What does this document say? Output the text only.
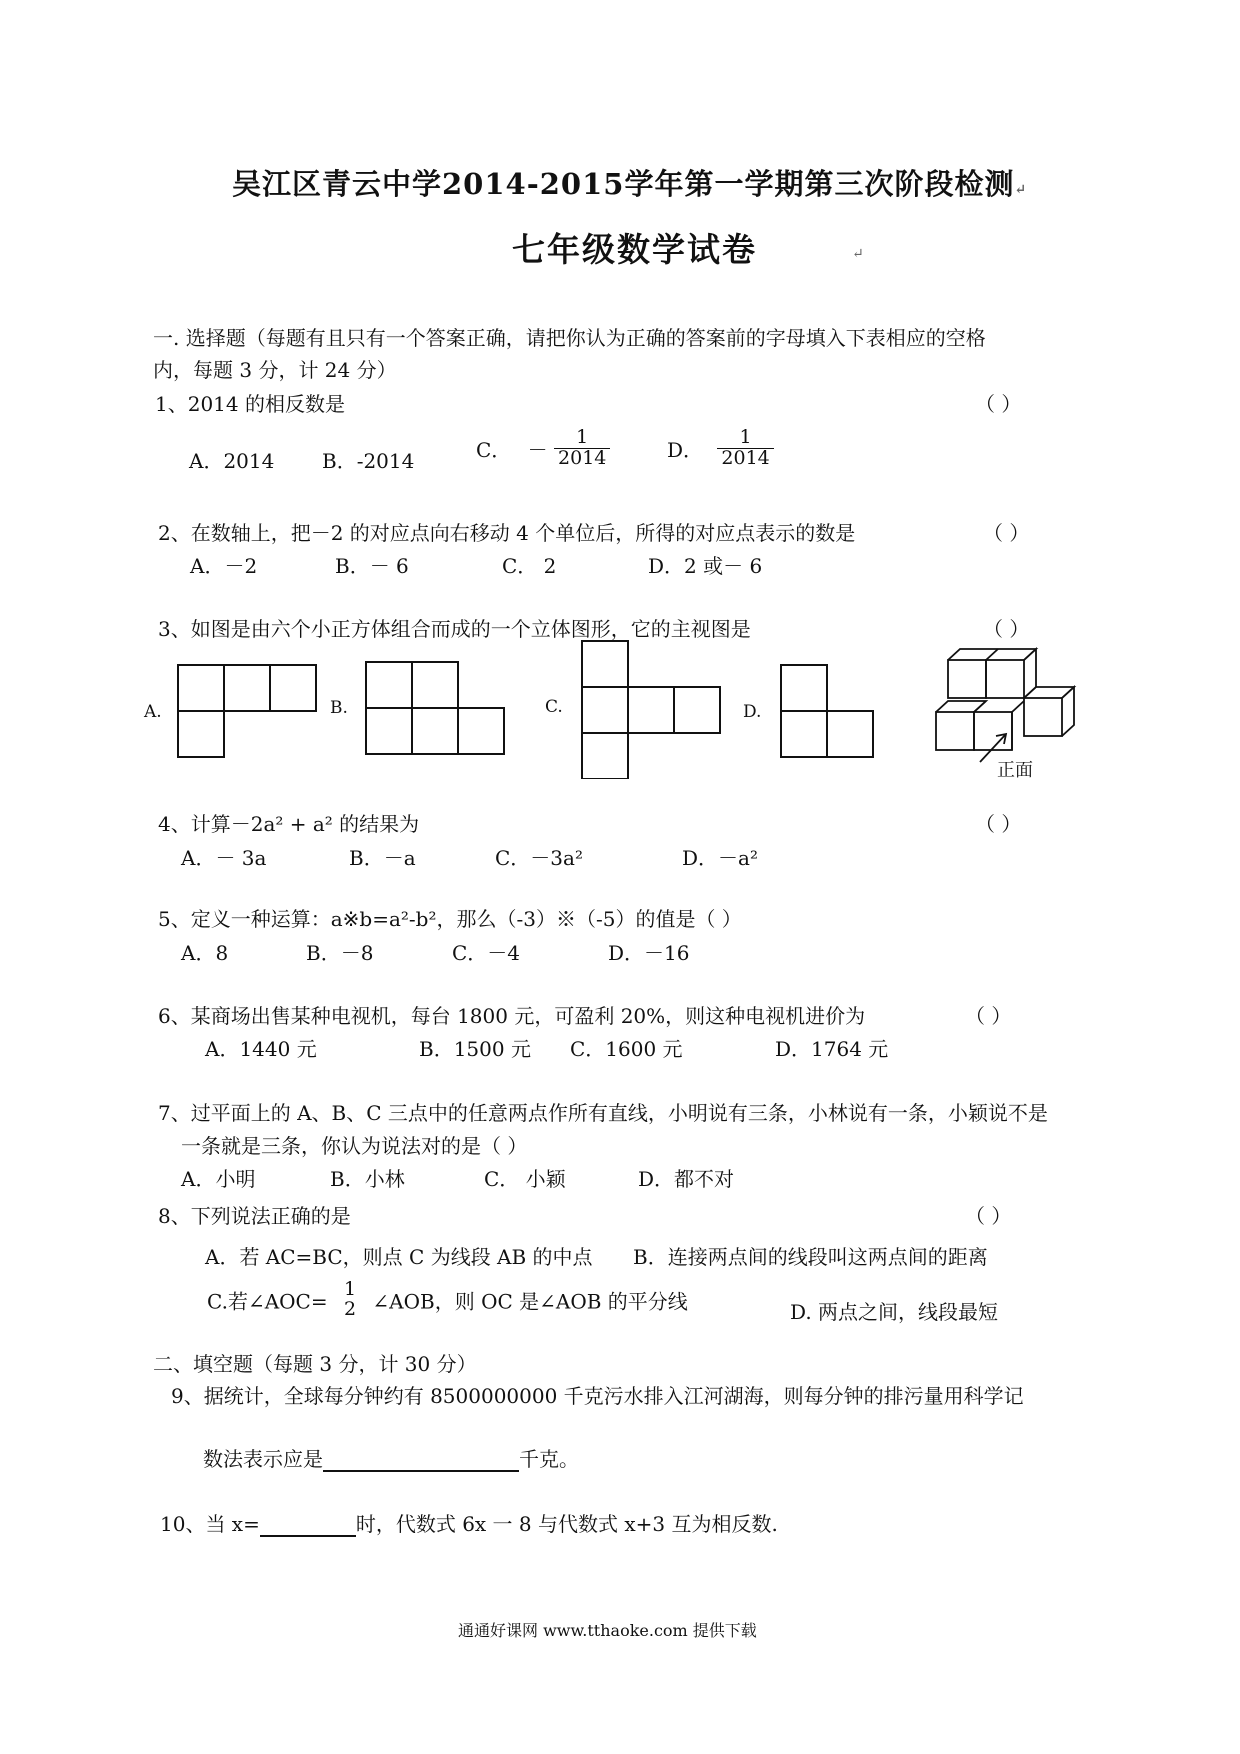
吴江区青云中学2014-2015学年第一学期第三次阶段检测↵
七年级数学试卷	↵
一. 选择题（每题有且只有一个答案正确，请把你认为正确的答案前的字母填入下表相应的空格
内，每题 3 分，计 24 分）
1、2014 的相反数是	（ ）
A．2014 B．-2014	C． － $\frac{1}{2014}$	D． $\frac{1}{2014}$
2、在数轴上，把－2 的对应点向右移动 4 个单位后，所得的对应点表示的数是	（ ）
A．－2	B．－ 6	C． 2	D．2 或－ 6
3、如图是由六个小正方体组合而成的一个立体图形，它的主视图是	（ ）
A.	B.	C.	D.
正面
4、计算－2a² + a² 的结果为	（ ）
A．－ 3a	B．－a	C．－3a²	D．－a²
5、定义一种运算：a※b=a²-b²，那么（-3）※（-5）的值是（ ）
A．8	B．－8	C．－4	D．－16
6、某商场出售某种电视机，每台 1800 元，可盈利 20%，则这种电视机进价为	（ ）
A．1440 元	B．1500 元 C．1600 元	D．1764 元
7、过平面上的 A、B、C 三点中的任意两点作所有直线，小明说有三条，小林说有一条，小颖说不是
一条就是三条，你认为说法对的是（ ）
A．小明	B．小林	C． 小颖	D．都不对
8、下列说法正确的是	（ ）
A．若 AC=BC，则点 C 为线段 AB 的中点 B．连接两点间的线段叫这两点间的距离
C.若∠AOC=
1
2 ∠AOB，则 OC 是∠AOB 的平分线	D. 两点之间，线段最短
二、填空题（每题 3 分，计 30 分）
9、据统计，全球每分钟约有 8500000000 千克污水排入江河湖海，则每分钟的排污量用科学记
数法表示应是	千克。
10、当 x=	时，代数式 6x 一 8 与代数式 x+3 互为相反数.
通通好课网 www.tthaoke.com 提供下载
